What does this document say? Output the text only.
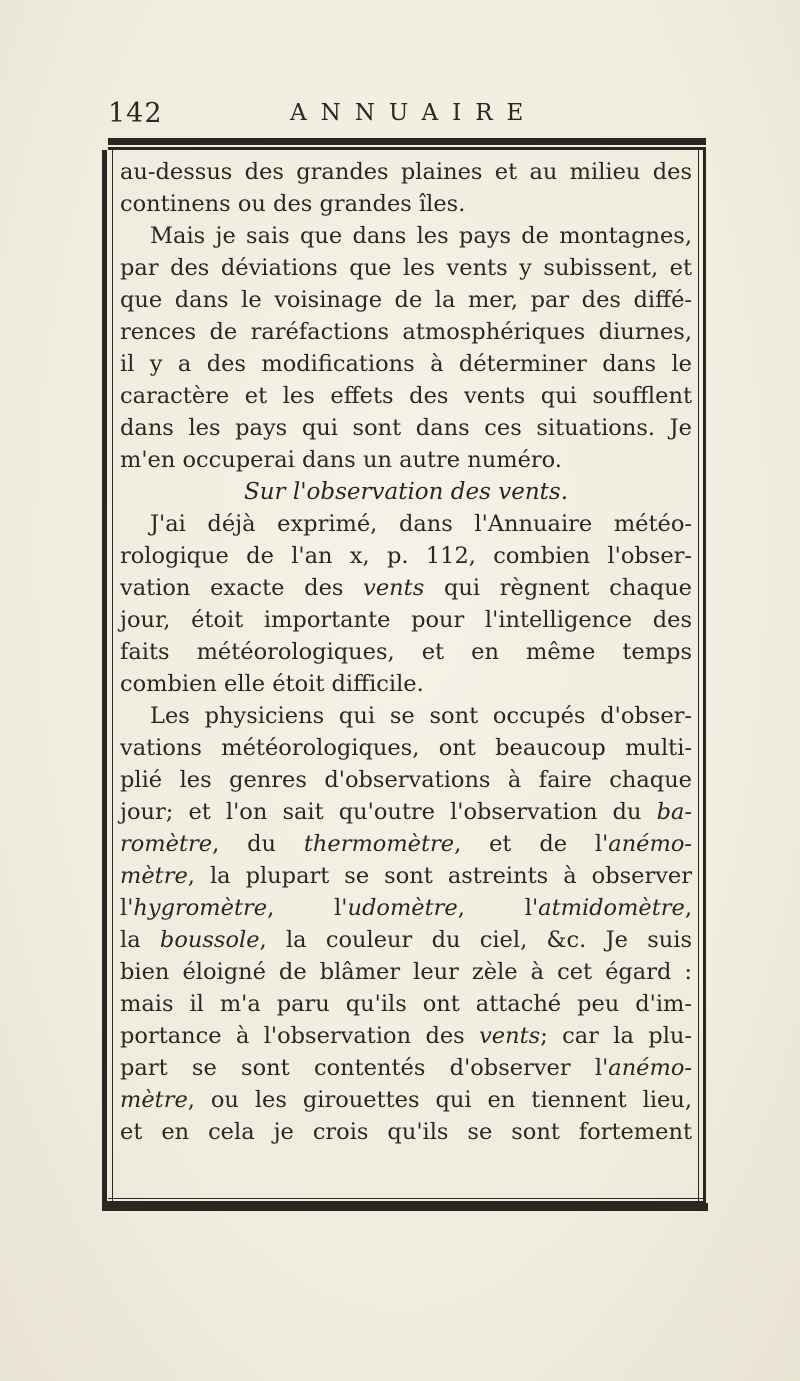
142	ANNUAIRE

au-dessus des grandes plaines et au milieu des
continens ou des grandes îles.

Mais je sais que dans les pays de montagnes,
par des déviations que les vents y subissent, et
que dans le voisinage de la mer, par des diffé-
rences de raréfactions atmosphériques diurnes,
il y a des modifications à déterminer dans le
caractère et les effets des vents qui soufflent
dans les pays qui sont dans ces situations. Je
m'en occuperai dans un autre numéro.

Sur l'observation des vents.

J'ai déjà exprimé, dans l'Annuaire météo-
rologique de l'an x, p. 112, combien l'obser-
vation exacte des vents qui règnent chaque
jour, étoit importante pour l'intelligence des
faits météorologiques, et en même temps
combien elle étoit difficile.

Les physiciens qui se sont occupés d'obser-
vations météorologiques, ont beaucoup multi-
plié les genres d'observations à faire chaque
jour; et l'on sait qu'outre l'observation du ba-
romètre, du thermomètre, et de l'anémo-
mètre, la plupart se sont astreints à observer
l'hygromètre, l'udomètre, l'atmidomètre,
la boussole, la couleur du ciel, &c. Je suis
bien éloigné de blâmer leur zèle à cet égard :
mais il m'a paru qu'ils ont attaché peu d'im-
portance à l'observation des vents; car la plu-
part se sont contentés d'observer l'anémo-
mètre, ou les girouettes qui en tiennent lieu,
et en cela je crois qu'ils se sont fortement
